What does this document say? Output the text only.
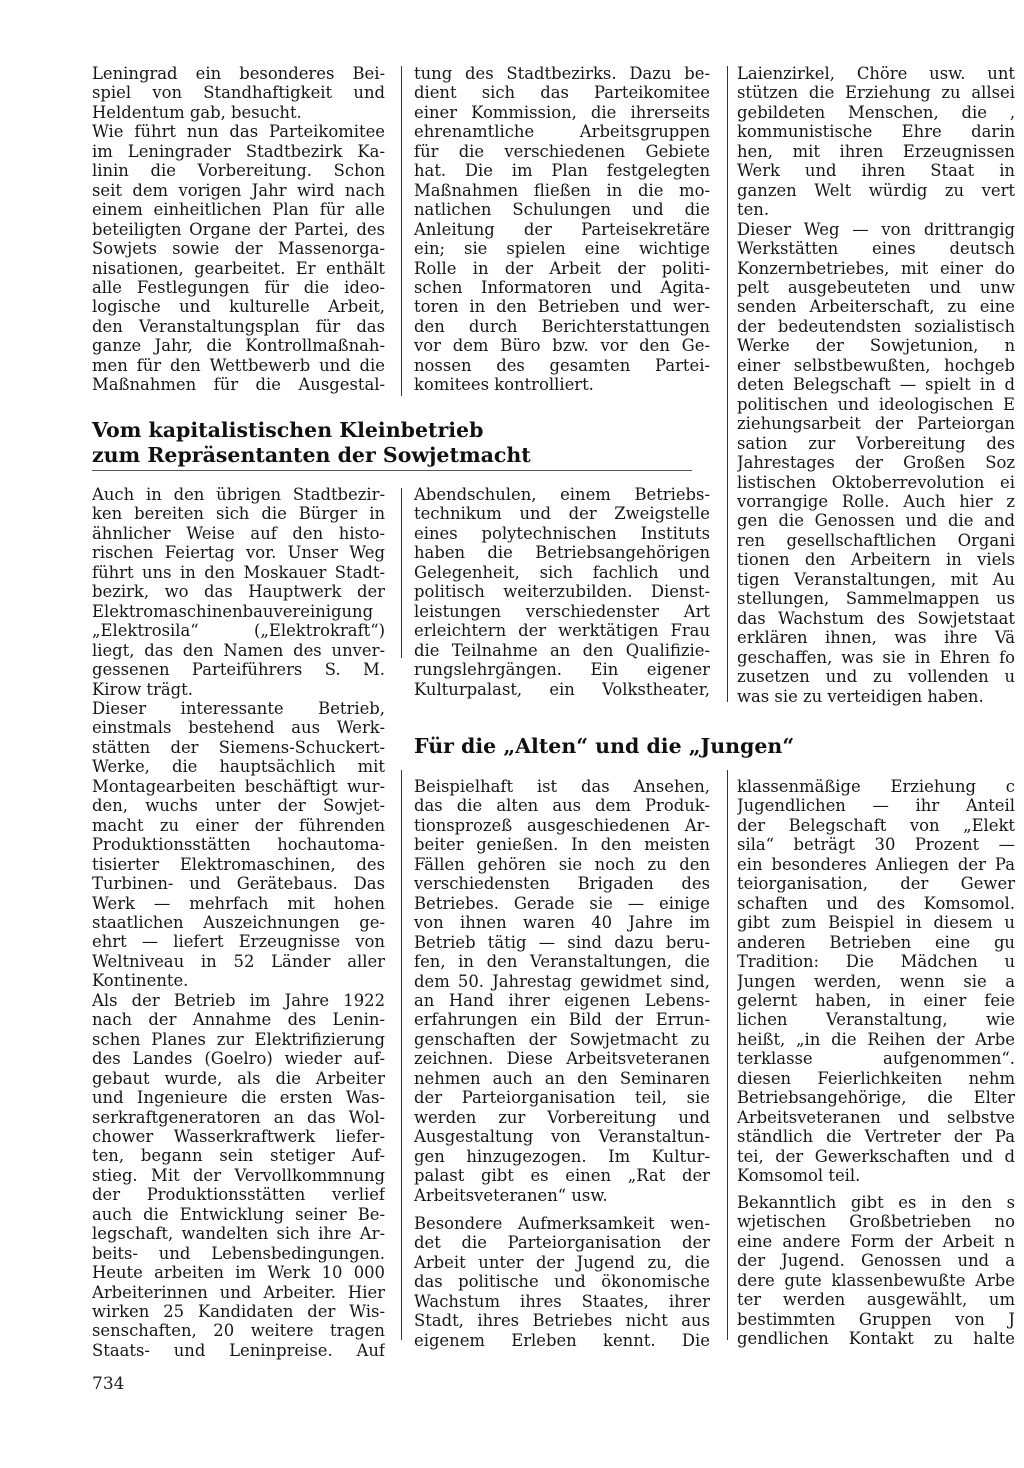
Leningrad ein besonderes Bei-

spiel von Standhaftigkeit und

Heldentum gab, besucht.

Wie führt nun das Parteikomitee

im Leningrader Stadtbezirk Ka-

linin die Vorbereitung. Schon

seit dem vorigen Jahr wird nach

einem einheitlichen Plan für alle

beteiligten Organe der Partei, des

Sowjets sowie der Massenorga-

nisationen, gearbeitet. Er enthält

alle Festlegungen für die ideo-

logische und kulturelle Arbeit,

den Veranstaltungsplan für das

ganze Jahr, die Kontrollmaßnah-

men für den Wettbewerb und die

Maßnahmen für die Ausgestal-

tung des Stadtbezirks. Dazu be-

dient sich das Parteikomitee

einer Kommission, die ihrerseits

ehrenamtliche Arbeitsgruppen

für die verschiedenen Gebiete

hat. Die im Plan festgelegten

Maßnahmen fließen in die mo-

natlichen Schulungen und die

Anleitung der Parteisekretäre

ein; sie spielen eine wichtige

Rolle in der Arbeit der politi-

schen Informatoren und Agita-

toren in den Betrieben und wer-

den durch Berichterstattungen

vor dem Büro bzw. vor den Ge-

nossen des gesamten Partei-

komitees kontrolliert.

Vom kapitalistischen Kleinbetrieb
zum Repräsentanten der Sowjetmacht

Auch in den übrigen Stadtbezir-

ken bereiten sich die Bürger in

ähnlicher Weise auf den histo-

rischen Feiertag vor. Unser Weg

führt uns in den Moskauer Stadt-

bezirk, wo das Hauptwerk der

Elektromaschinenbauvereinigung

„Elektrosila“ („Elektrokraft“)

liegt, das den Namen des unver-

gessenen Parteiführers S. M.

Kirow trägt.

Dieser interessante Betrieb,

einstmals bestehend aus Werk-

stätten der Siemens-Schuckert-

Werke, die hauptsächlich mit

Montagearbeiten beschäftigt wur-

den, wuchs unter der Sowjet-

macht zu einer der führenden

Produktionsstätten hochautoma-

tisierter Elektromaschinen, des

Turbinen- und Gerätebaus. Das

Werk — mehrfach mit hohen

staatlichen Auszeichnungen ge-

ehrt — liefert Erzeugnisse von

Weltniveau in 52 Länder aller

Kontinente.

Als der Betrieb im Jahre 1922

nach der Annahme des Lenin-

schen Planes zur Elektrifizierung

des Landes (Goelro) wieder auf-

gebaut wurde, als die Arbeiter

und Ingenieure die ersten Was-

serkraftgeneratoren an das Wol-

chower Wasserkraftwerk liefer-

ten, begann sein stetiger Auf-

stieg. Mit der Vervollkommnung

der Produktionsstätten verlief

auch die Entwicklung seiner Be-

legschaft, wandelten sich ihre Ar-

beits- und Lebensbedingungen.

Heute arbeiten im Werk 10 000

Arbeiterinnen und Arbeiter. Hier

wirken 25 Kandidaten der Wis-

senschaften, 20 weitere tragen

Staats- und Leninpreise. Auf

Abendschulen, einem Betriebs-

technikum und der Zweigstelle

eines polytechnischen Instituts

haben die Betriebsangehörigen

Gelegenheit, sich fachlich und

politisch weiterzubilden. Dienst-

leistungen verschiedenster Art

erleichtern der werktätigen Frau

die Teilnahme an den Qualifizie-

rungslehrgängen. Ein eigener

Kulturpalast, ein Volkstheater,

Laienzirkel, Chöre usw. unt

stützen die Erziehung zu allsei

gebildeten Menschen, die ‚

kommunistische Ehre darin

hen, mit ihren Erzeugnissen

Werk und ihren Staat in

ganzen Welt würdig zu vert

ten.

Dieser Weg — von drittrangig

Werkstätten eines deutsch

Konzernbetriebes, mit einer do

pelt ausgebeuteten und unw

senden Arbeiterschaft, zu eine

der bedeutendsten sozialistisch

Werke der Sowjetunion, n

einer selbstbewußten, hochgeb

deten Belegschaft — spielt in d

politischen und ideologischen E

ziehungsarbeit der Parteiorgan

sation zur Vorbereitung des

Jahrestages der Großen Soz

listischen Oktoberrevolution ei

vorrangige Rolle. Auch hier z

gen die Genossen und die and

ren gesellschaftlichen Organi

tionen den Arbeitern in viels

tigen Veranstaltungen, mit Au

stellungen, Sammelmappen us

das Wachstum des Sowjetstaat

erklären ihnen, was ihre Vä

geschaffen, was sie in Ehren fo

zusetzen und zu vollenden u

was sie zu verteidigen haben.

Für die „Alten“ und die „Jungen“

Beispielhaft ist das Ansehen,

das die alten aus dem Produk-

tionsprozeß ausgeschiedenen Ar-

beiter genießen. In den meisten

Fällen gehören sie noch zu den

verschiedensten Brigaden des

Betriebes. Gerade sie — einige

von ihnen waren 40 Jahre im

Betrieb tätig — sind dazu beru-

fen, in den Veranstaltungen, die

dem 50. Jahrestag gewidmet sind,

an Hand ihrer eigenen Lebens-

erfahrungen ein Bild der Errun-

genschaften der Sowjetmacht zu

zeichnen. Diese Arbeitsveteranen

nehmen auch an den Seminaren

der Parteiorganisation teil, sie

werden zur Vorbereitung und

Ausgestaltung von Veranstaltun-

gen hinzugezogen. Im Kultur-

palast gibt es einen „Rat der

Arbeitsveteranen“ usw.

Besondere Aufmerksamkeit wen-

det die Parteiorganisation der

Arbeit unter der Jugend zu, die

das politische und ökonomische

Wachstum ihres Staates, ihrer

Stadt, ihres Betriebes nicht aus

eigenem Erleben kennt. Die

klassenmäßige Erziehung c

Jugendlichen — ihr Anteil

der Belegschaft von „Elekt

sila“ beträgt 30 Prozent —

ein besonderes Anliegen der Pa

teiorganisation, der Gewer

schaften und des Komsomol.

gibt zum Beispiel in diesem u

anderen Betrieben eine gu

Tradition: Die Mädchen u

Jungen werden, wenn sie a

gelernt haben, in einer feie

lichen Veranstaltung, wie

heißt, „in die Reihen der Arbe

terklasse aufgenommen“.

diesen Feierlichkeiten nehm

Betriebsangehörige, die Elter

Arbeitsveteranen und selbstve

ständlich die Vertreter der Pa

tei, der Gewerkschaften und d

Komsomol teil.

Bekanntlich gibt es in den s

wjetischen Großbetrieben no

eine andere Form der Arbeit n

der Jugend. Genossen und a

dere gute klassenbewußte Arbe

ter werden ausgewählt, um

bestimmten Gruppen von J

gendlichen Kontakt zu halte

734
